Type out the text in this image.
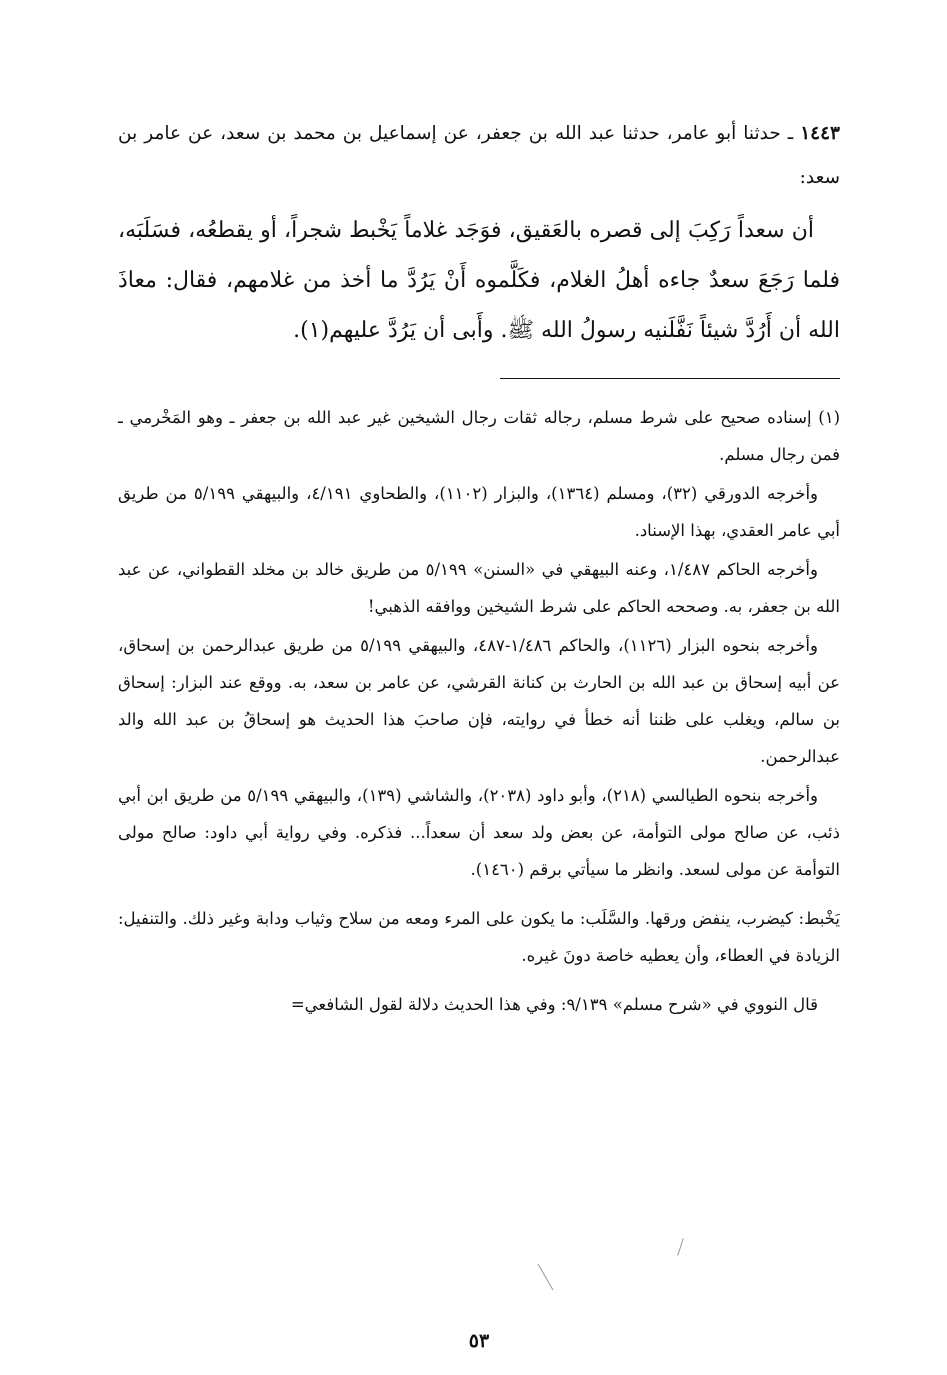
١٤٤٣ ـ حدثنا أبو عامر، حدثنا عبد الله بن جعفر، عن إسماعيل بن محمد بن سعد، عن عامر بن سعد:
أن سعداً رَكِبَ إلى قصره بالعَقيق، فوَجَد غلاماً يَخْبط شجراً، أو يقطعُه، فسَلَبَه، فلما رَجَعَ سعدٌ جاءه أهلُ الغلام، فكَلَّموه أَنْ يَرُدَّ ما أخذ من غلامهم، فقال: معاذَ الله أن أَرُدَّ شيئاً نَفَّلَنيه رسولُ الله ﷺ. وأَبى أن يَرُدَّ عليهم(١).

(١) إسناده صحيح على شرط مسلم، رجاله ثقات رجال الشيخين غير عبد الله بن جعفر ـ وهو المَخْرمي ـ فمن رجال مسلم.

وأخرجه الدورقي (٣٢)، ومسلم (١٣٦٤)، والبزار (١١٠٢)، والطحاوي ٤/١٩١، والبيهقي ٥/١٩٩ من طريق أبي عامر العقدي، بهذا الإسناد.

وأخرجه الحاكم ١/٤٨٧، وعنه البيهقي في «السنن» ٥/١٩٩ من طريق خالد بن مخلد القطواني، عن عبد الله بن جعفر، به. وصححه الحاكم على شرط الشيخين ووافقه الذهبي!

وأخرجه بنحوه البزار (١١٢٦)، والحاكم ١/٤٨٦-٤٨٧، والبيهقي ٥/١٩٩ من طريق عبدالرحمن بن إسحاق، عن أبيه إسحاق بن عبد الله بن الحارث بن كنانة القرشي، عن عامر بن سعد، به. ووقع عند البزار: إسحاق بن سالم، ويغلب على ظننا أنه خطأ في روايته، فإن صاحبَ هذا الحديث هو إسحاقُ بن عبد الله والد عبدالرحمن.

وأخرجه بنحوه الطيالسي (٢١٨)، وأبو داود (٢٠٣٨)، والشاشي (١٣٩)، والبيهقي ٥/١٩٩ من طريق ابن أبي ذئب، عن صالح مولى التوأمة، عن بعض ولد سعد أن سعداً... فذكره. وفي رواية أبي داود: صالح مولى التوأمة عن مولى لسعد. وانظر ما سيأتي برقم (١٤٦٠).

يَخْبط: كيضرب، ينفض ورقها. والسَّلَب: ما يكون على المرء ومعه من سلاح وثياب ودابة وغير ذلك. والتنفيل: الزيادة في العطاء، وأن يعطيه خاصة دونَ غيره.

قال النووي في «شرح مسلم» ٩/١٣٩: وفي هذا الحديث دلالة لقول الشافعي=

٥٣
